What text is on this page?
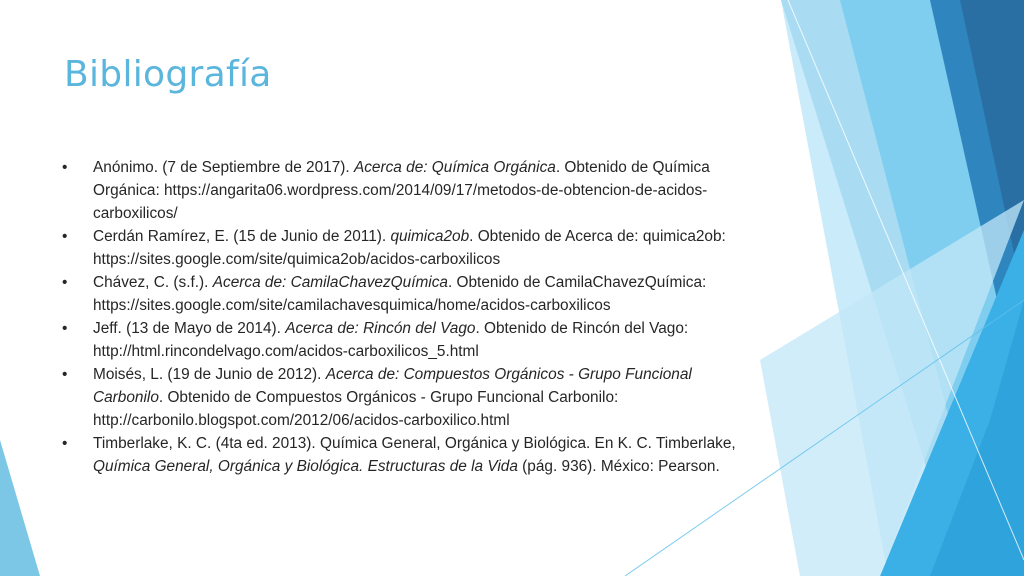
Bibliografía
• Anónimo. (7 de Septiembre de 2017). Acerca de: Química Orgánica. Obtenido de Química Orgánica: https://angarita06.wordpress.com/2014/09/17/metodos-de-obtencion-de-acidos-carboxilicos/
• Cerdán Ramírez, E. (15 de Junio de 2011). quimica2ob. Obtenido de Acerca de: quimica2ob: https://sites.google.com/site/quimica2ob/acidos-carboxilicos
• Chávez, C. (s.f.). Acerca de: CamilaChavezQuímica. Obtenido de CamilaChavezQuímica: https://sites.google.com/site/camilachavesquimica/home/acidos-carboxilicos
• Jeff. (13 de Mayo de 2014). Acerca de: Rincón del Vago. Obtenido de Rincón del Vago: http://html.rincondelvago.com/acidos-carboxilicos_5.html
• Moisés, L. (19 de Junio de 2012). Acerca de: Compuestos Orgánicos - Grupo Funcional Carbonilo. Obtenido de Compuestos Orgánicos - Grupo Funcional Carbonilo: http://carbonilo.blogspot.com/2012/06/acidos-carboxilico.html
• Timberlake, K. C. (4ta ed. 2013). Química General, Orgánica y Biológica. En K. C. Timberlake, Química General, Orgánica y Biológica. Estructuras de la Vida (pág. 936). México: Pearson.
